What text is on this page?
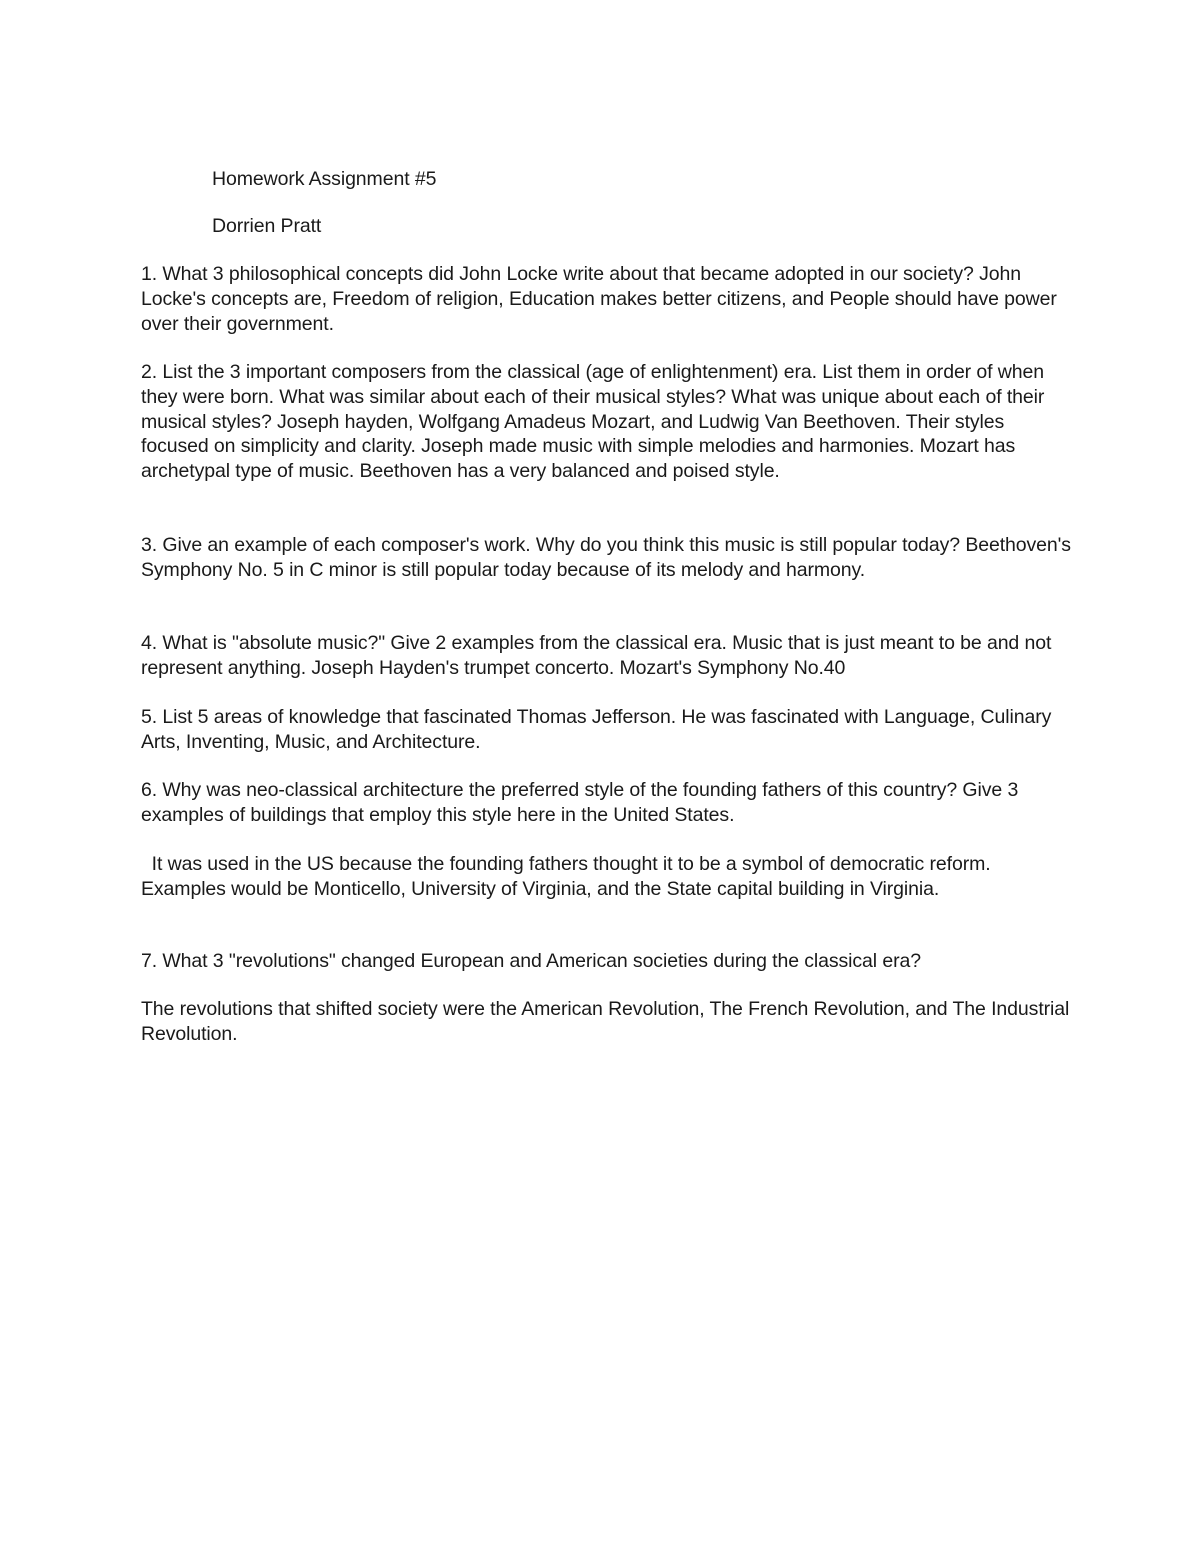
Homework Assignment #5

Dorrien Pratt

1. What 3 philosophical concepts did John Locke write about that became adopted in our society? John Locke's concepts are, Freedom of religion, Education makes better citizens, and People should have power over their government.

2. List the 3 important composers from the classical (age of enlightenment) era. List them in order of when they were born. What was similar about each of their musical styles? What was unique about each of their musical styles? Joseph hayden, Wolfgang Amadeus Mozart, and Ludwig Van Beethoven. Their styles focused on simplicity and clarity. Joseph made music with simple melodies and harmonies. Mozart has archetypal type of music. Beethoven has a very balanced and poised style.

3. Give an example of each composer's work. Why do you think this music is still popular today? Beethoven's Symphony No. 5 in C minor is still popular today because of its melody and harmony.

4. What is "absolute music?" Give 2 examples from the classical era. Music that is just meant to be and not represent anything. Joseph Hayden's trumpet concerto. Mozart's Symphony No.40

5. List 5 areas of knowledge that fascinated Thomas Jefferson. He was fascinated with Language, Culinary Arts, Inventing, Music, and Architecture.

6. Why was neo-classical architecture the preferred style of the founding fathers of this country? Give 3 examples of buildings that employ this style here in the United States.

It was used in the US because the founding fathers thought it to be a symbol of democratic reform. Examples would be Monticello, University of Virginia, and the State capital building in Virginia.

7. What 3 "revolutions" changed European and American societies during the classical era?

The revolutions that shifted society were the American Revolution, The French Revolution, and The Industrial Revolution.
